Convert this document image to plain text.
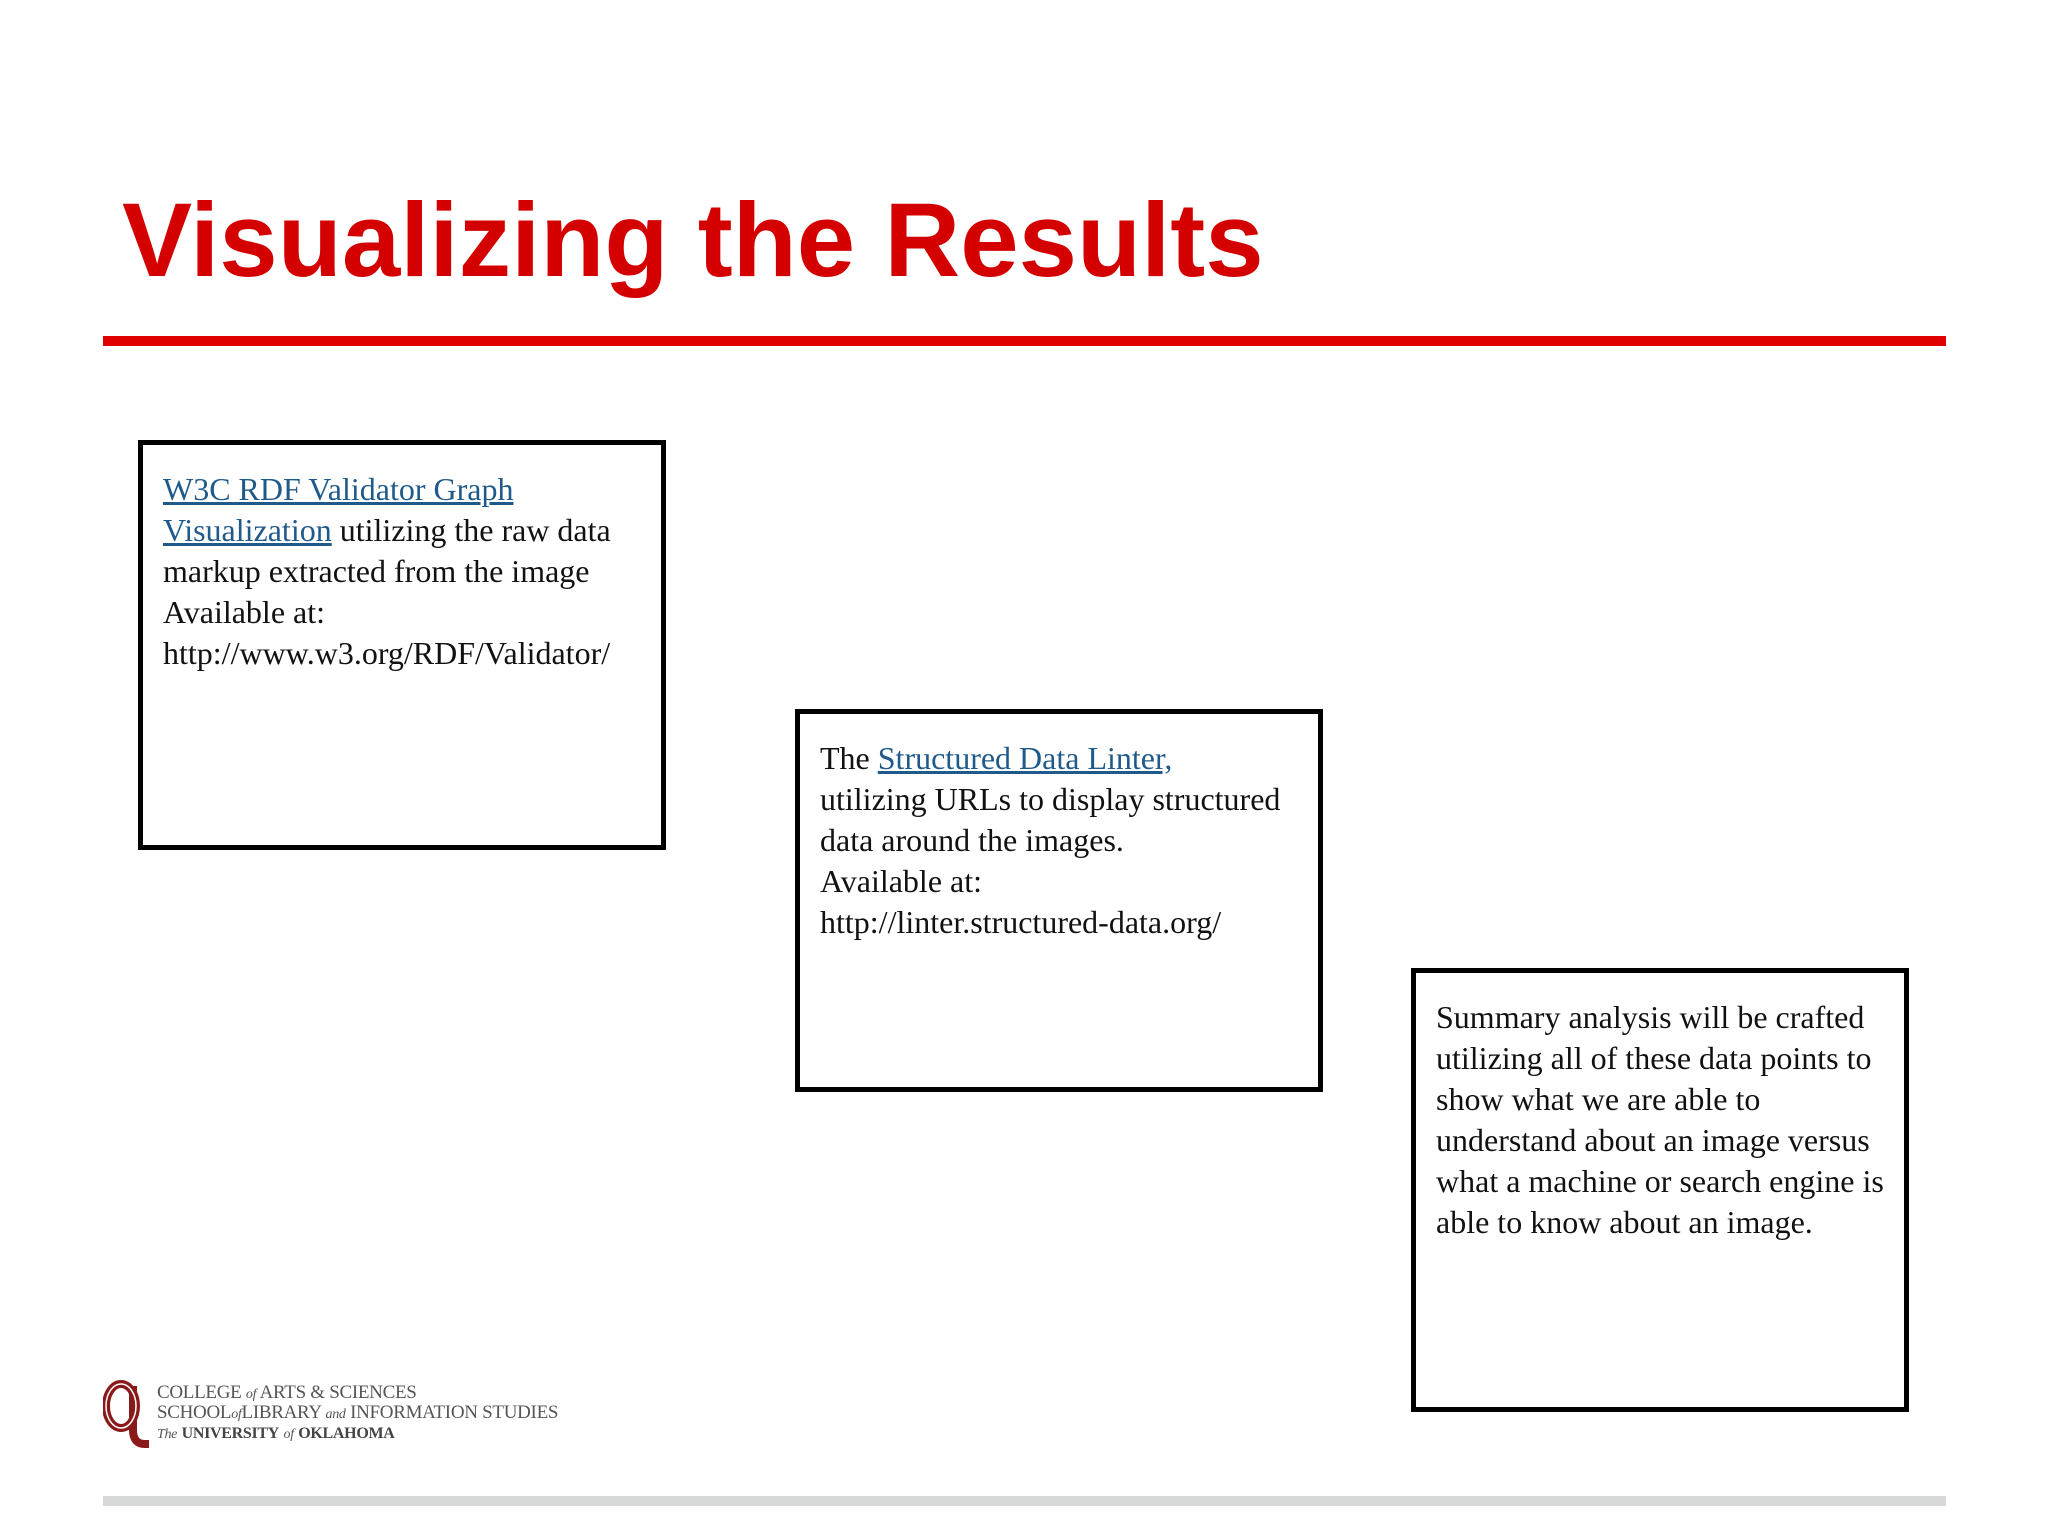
Visualizing the Results
W3C RDF Validator Graph Visualization utilizing the raw data markup extracted from the image
Available at:
http://www.w3.org/RDF/Validator/
The Structured Data Linter,
utilizing URLs to display structured data around the images.
Available at:
http://linter.structured-data.org/
Summary analysis will be crafted utilizing all of these data points to show what we are able to understand about an image versus what a machine or search engine is able to know about an image.
COLLEGE of ARTS & SCIENCES
SCHOOLofLIBRARY and INFORMATION STUDIES
The UNIVERSITY of OKLAHOMA
